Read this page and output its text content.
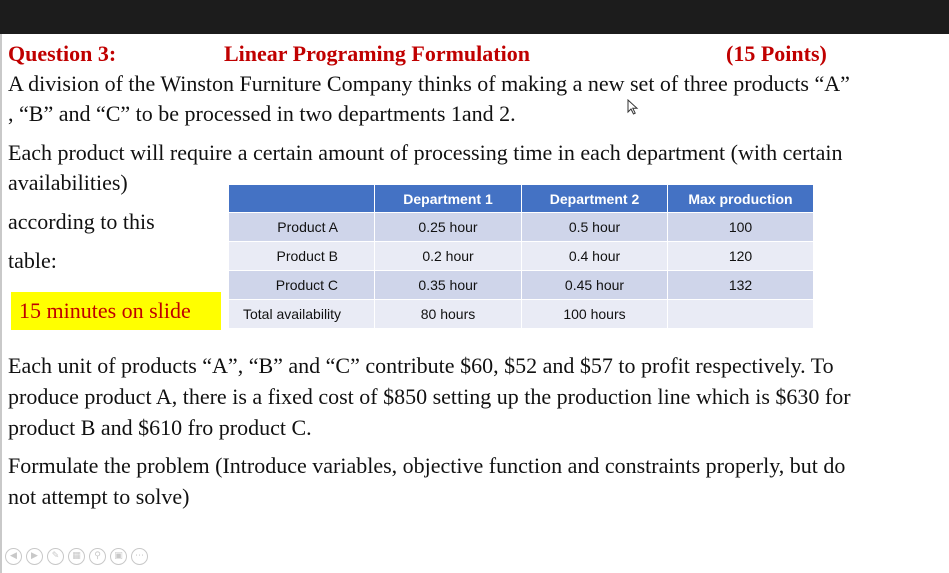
Question 3:	Linear Programing Formulation	(15 Points)
A division of the Winston Furniture Company thinks of making a new set of three products “A”
, “B” and “C” to be processed in two departments 1and 2.
Each product will require a certain amount of processing time in each department (with certain
availabilities)
according to this
table:
15 minutes on slide
	Department 1	Department 2	Max production
Product A	0.25 hour	0.5 hour	100
Product B	0.2 hour	0.4 hour	120
Product C	0.35 hour	0.45 hour	132
Total availability	80 hours	100 hours	
Each unit of products “A”, “B” and “C” contribute $60, $52 and $57 to profit respectively. To
produce product A, there is a fixed cost of $850 setting up the production line which is $630 for
product B and $610 fro product C.
Formulate the problem (Introduce variables, objective function and constraints properly, but do
not attempt to solve)
◀	▶	✎	▦	⚲	▣	⋯
